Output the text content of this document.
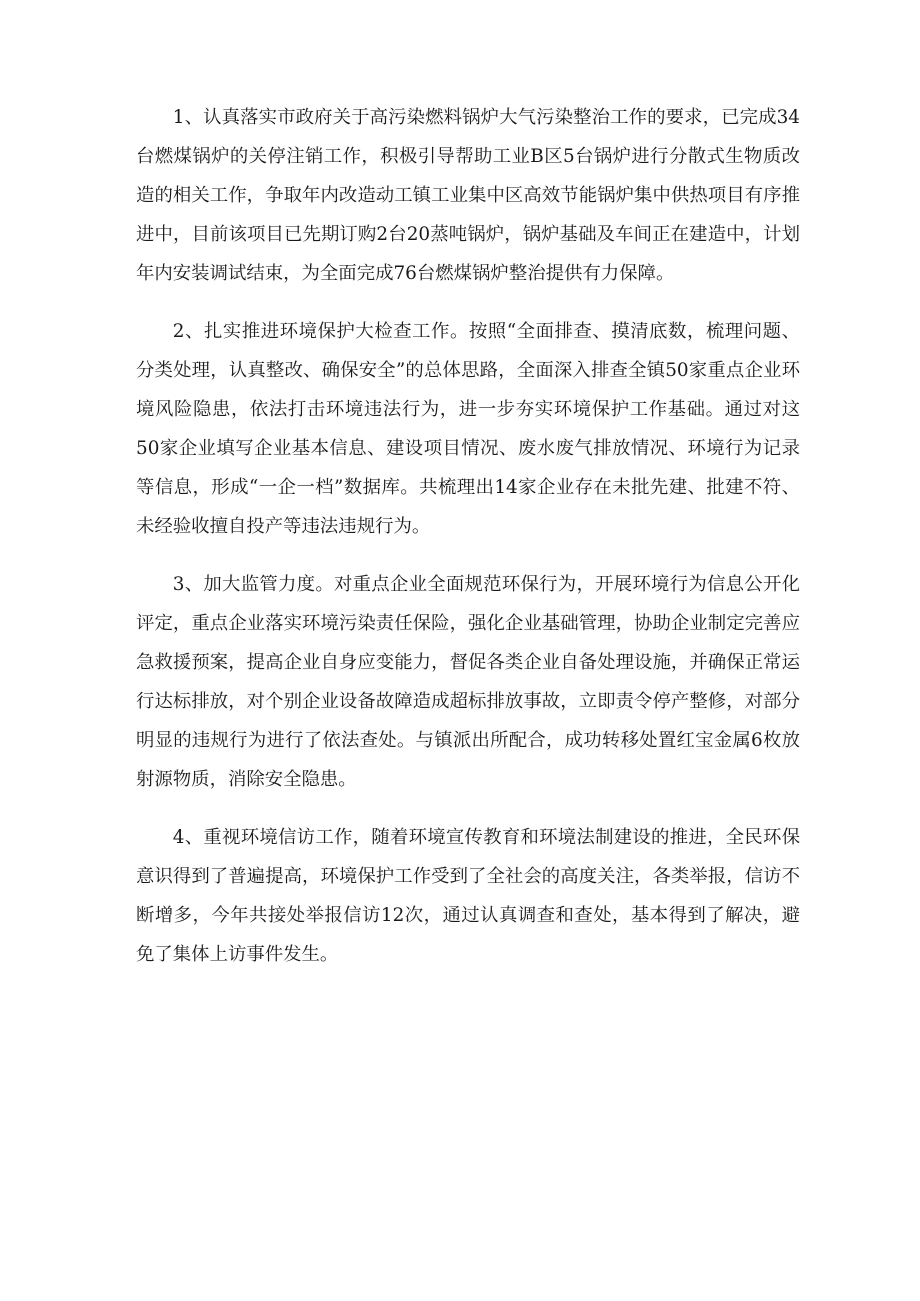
1、认真落实市政府关于高污染燃料锅炉大气污染整治工作的要求，已完成34台燃煤锅炉的关停注销工作，积极引导帮助工业B区5台锅炉进行分散式生物质改造的相关工作，争取年内改造动工镇工业集中区高效节能锅炉集中供热项目有序推进中，目前该项目已先期订购2台20蒸吨锅炉，锅炉基础及车间正在建造中，计划年内安装调试结束，为全面完成76台燃煤锅炉整治提供有力保障。

2、扎实推进环境保护大检查工作。按照“全面排查、摸清底数，梳理问题、分类处理，认真整改、确保安全”的总体思路，全面深入排查全镇50家重点企业环境风险隐患，依法打击环境违法行为，进一步夯实环境保护工作基础。通过对这50家企业填写企业基本信息、建设项目情况、废水废气排放情况、环境行为记录等信息，形成“一企一档”数据库。共梳理出14家企业存在未批先建、批建不符、未经验收擅自投产等违法违规行为。

3、加大监管力度。对重点企业全面规范环保行为，开展环境行为信息公开化评定，重点企业落实环境污染责任保险，强化企业基础管理，协助企业制定完善应急救援预案，提高企业自身应变能力，督促各类企业自备处理设施，并确保正常运行达标排放，对个别企业设备故障造成超标排放事故，立即责令停产整修，对部分明显的违规行为进行了依法查处。与镇派出所配合，成功转移处置红宝金属6枚放射源物质，消除安全隐患。

4、重视环境信访工作，随着环境宣传教育和环境法制建设的推进，全民环保意识得到了普遍提高，环境保护工作受到了全社会的高度关注，各类举报，信访不断增多，今年共接处举报信访12次，通过认真调查和查处，基本得到了解决，避免了集体上访事件发生。
